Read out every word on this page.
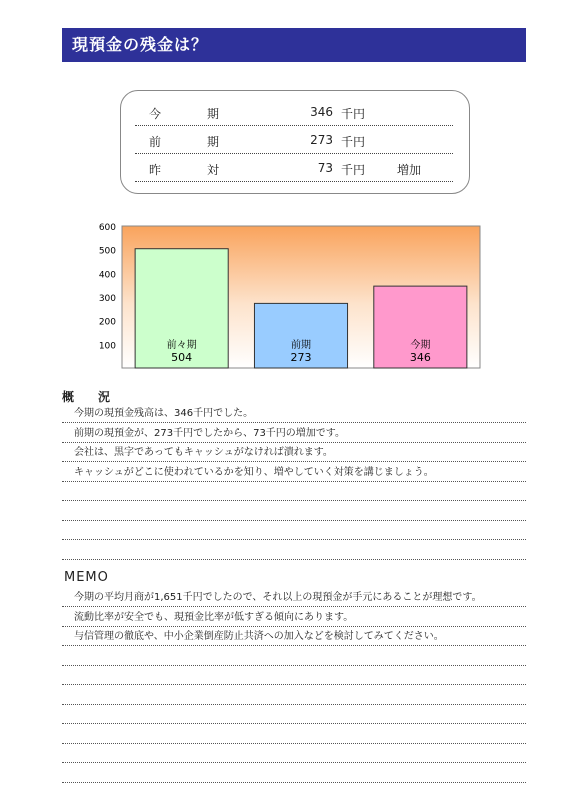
現預金の残金は？
今	期	346 千円
前	期	273 千円
昨	対	73 千円	増加
100
200
300
400
500
600
前々期
504
前期
273
今期
346
概　況
今期の現預金残高は、346千円でした。
前期の現預金が、273千円でしたから、73千円の増加です。
会社は、黒字であってもキャッシュがなければ潰れます。
キャッシュがどこに使われているかを知り、増やしていく対策を講じましょう。
MEMO
今期の平均月商が1,651千円でしたので、それ以上の現預金が手元にあることが理想です。
流動比率が安全でも、現預金比率が低すぎる傾向にあります。
与信管理の徹底や、中小企業倒産防止共済への加入などを検討してみてください。
